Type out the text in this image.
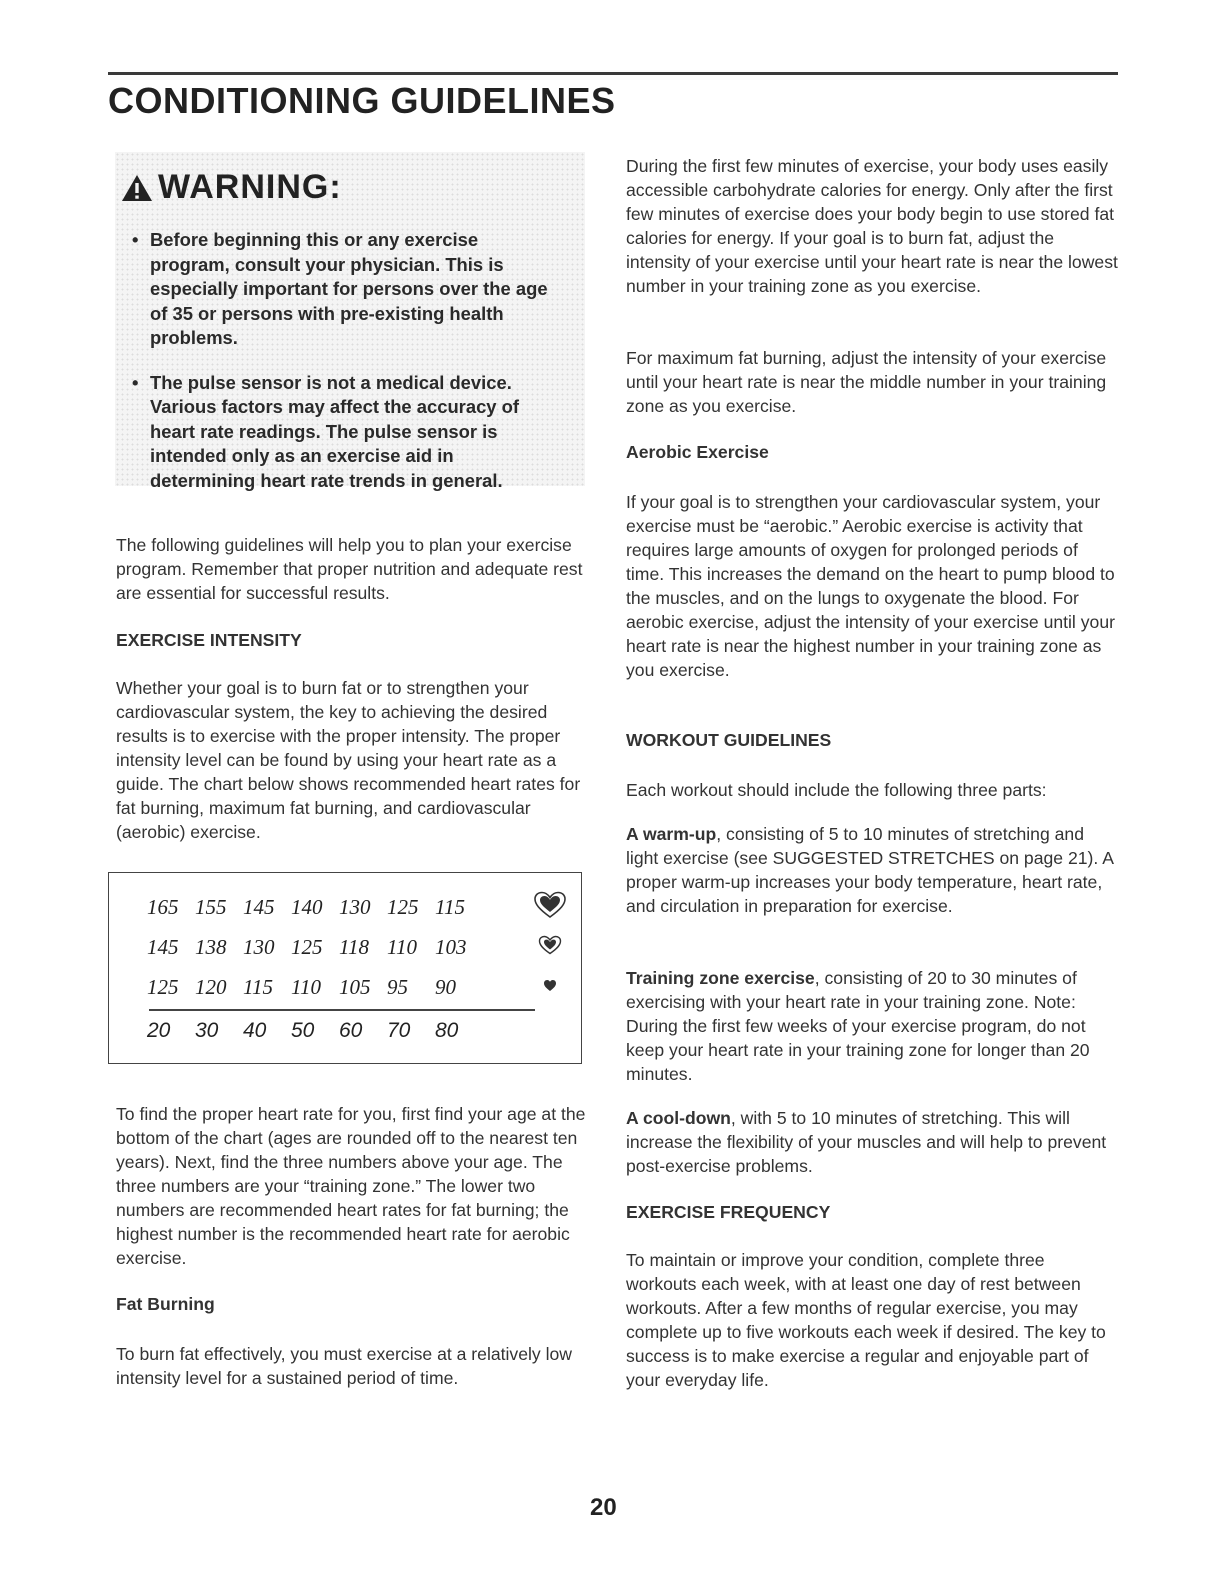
CONDITIONING GUIDELINES
WARNING:
• Before beginning this or any exercise program, consult your physician. This is especially important for persons over the age of 35 or persons with pre-existing health problems.
• The pulse sensor is not a medical device. Various factors may affect the accuracy of heart rate readings. The pulse sensor is intended only as an exercise aid in determining heart rate trends in general.

The following guidelines will help you to plan your exercise program. Remember that proper nutrition and adequate rest are essential for successful results.

EXERCISE INTENSITY

Whether your goal is to burn fat or to strengthen your cardiovascular system, the key to achieving the desired results is to exercise with the proper intensity. The proper intensity level can be found by using your heart rate as a guide. The chart below shows recommended heart rates for fat burning, maximum fat burning, and cardiovascular (aerobic) exercise.

165 155 145 140 130 125 115
145 138 130 125 118 110 103
125 120 115 110 105 95	90
20	30	40	50	60	70	80

To find the proper heart rate for you, first find your age at the bottom of the chart (ages are rounded off to the nearest ten years). Next, find the three numbers above your age. The three numbers are your “training zone.” The lower two numbers are recommended heart rates for fat burning; the highest number is the recommended heart rate for aerobic exercise.

Fat Burning

To burn fat effectively, you must exercise at a relatively low intensity level for a sustained period of time.

During the first few minutes of exercise, your body uses easily accessible carbohydrate calories for energy. Only after the first few minutes of exercise does your body begin to use stored fat calories for energy. If your goal is to burn fat, adjust the intensity of your exercise until your heart rate is near the lowest number in your training zone as you exercise.

For maximum fat burning, adjust the intensity of your exercise until your heart rate is near the middle number in your training zone as you exercise.

Aerobic Exercise

If your goal is to strengthen your cardiovascular system, your exercise must be “aerobic.” Aerobic exercise is activity that requires large amounts of oxygen for prolonged periods of time. This increases the demand on the heart to pump blood to the muscles, and on the lungs to oxygenate the blood. For aerobic exercise, adjust the intensity of your exercise until your heart rate is near the highest number in your training zone as you exercise.

WORKOUT GUIDELINES

Each workout should include the following three parts:

A warm-up, consisting of 5 to 10 minutes of stretching and light exercise (see SUGGESTED STRETCHES on page 21). A proper warm-up increases your body temperature, heart rate, and circulation in preparation for exercise.

Training zone exercise, consisting of 20 to 30 minutes of exercising with your heart rate in your training zone. Note: During the first few weeks of your exercise program, do not keep your heart rate in your training zone for longer than 20 minutes.

A cool-down, with 5 to 10 minutes of stretching. This will increase the flexibility of your muscles and will help to prevent post-exercise problems.

EXERCISE FREQUENCY

To maintain or improve your condition, complete three workouts each week, with at least one day of rest between workouts. After a few months of regular exercise, you may complete up to five workouts each week if desired. The key to success is to make exercise a regular and enjoyable part of your everyday life.

20
